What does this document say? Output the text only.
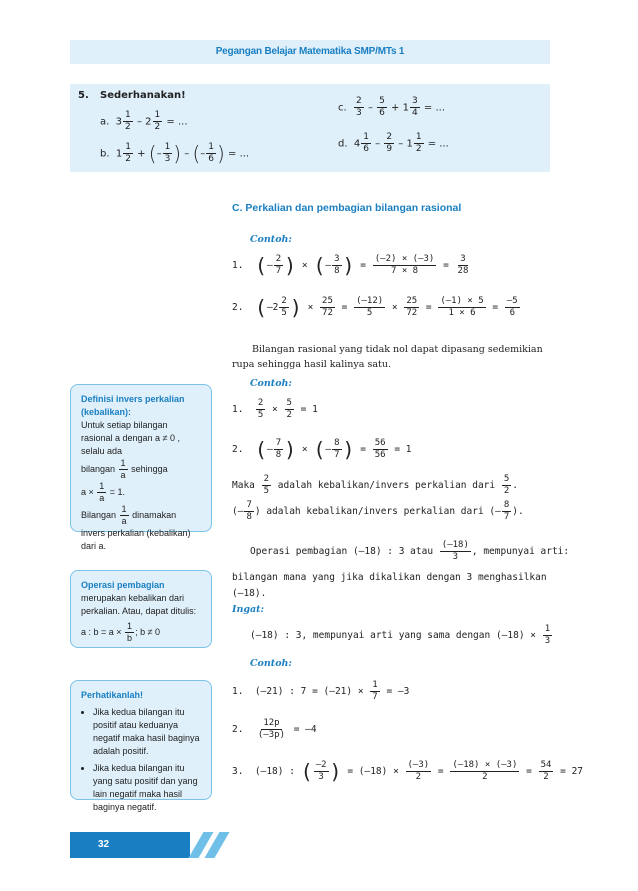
Pegangan Belajar Matematika SMP/MTs 1
5. Sederhanakan!
a.  $3 \frac{1}{2} - 2 \frac{1}{2}$ = ...
b.  $1 \frac{1}{2}$ + (– $\frac{1}{3}$ ) – (– $\frac{1}{6}$ ) = ...
c. $\frac{2}{3} - \frac{5}{6} + 1 \frac{3}{4}$ = ...
d.  $4 \frac{1}{6} - \frac{2}{9} - 1 \frac{1}{2}$ = ...
C. Perkalian dan pembagian bilangan rasional
Contoh:
1. (– $\frac{2}{7}$ ) × (– $\frac{3}{8}$ ) = $\frac{(-2) \times (-3)}{7 \times 8} = \frac{3}{28}$
2. ($-2 \frac{2}{5}$ ) × $\frac{25}{72} = \frac{(-12)}{5} \times \frac{25}{72} = \frac{(-1) \times 5}{1 \times 6} = \frac{-5}{6}$
Bilangan rasional yang tidak nol dapat dipasang sedemikian rupa sehingga hasil kalinya satu.
Contoh:
1. $\frac{2}{5} \times \frac{5}{2} = 1$
2. (– $\frac{7}{8}$ ) × (– $\frac{8}{7}$ ) = $\frac{56}{56} = 1$
Maka $\frac{2}{5}$ adalah kebalikan/invers perkalian dari $\frac{5}{2}$ .
(– $\frac{7}{8}$ ) adalah kebalikan/invers perkalian dari (– $\frac{8}{7}$ ).
Operasi pembagian (–18) : 3 atau $\frac{(-18)}{3}$ , mempunyai arti:
bilangan mana yang jika dikalikan dengan 3 menghasilkan
(–18).
Ingat:
(–18) : 3, mempunyai arti yang sama dengan $(-18) \times \frac{1}{3}$
Contoh:
1.  (–21) : $7 = (-21) \times \frac{1}{7} = -3$
2. $\frac{12p}{(-3p)} = -4$
3.  (–18) : ( $\frac{-2}{3}$ ) = $(-18) \times \frac{(-3)}{2} = \frac{(-18) \times (-3)}{2} = \frac{54}{2} = 27$
Definisi invers perkalian (kebalikan):
Untuk setiap bilangan rasional a dengan a ≠ 0 , selalu ada
bilangan $\frac{1}{a}$ sehingga
$a \times \frac{1}{a} = 1$.
Bilangan $\frac{1}{a}$ dinamakan invers perkalian (kebalikan) dari a.
Operasi pembagian
merupakan kebalikan dari perkalian. Atau, dapat ditulis:
a : $b = a \times \frac{1}{b}$ ; b ≠ 0
Perhatikanlah!
• Jika kedua bilangan itu positif atau keduanya negatif maka hasil baginya adalah positif.
• Jika kedua bilangan itu yang satu positif dan yang lain negatif maka hasil baginya negatif.
32
